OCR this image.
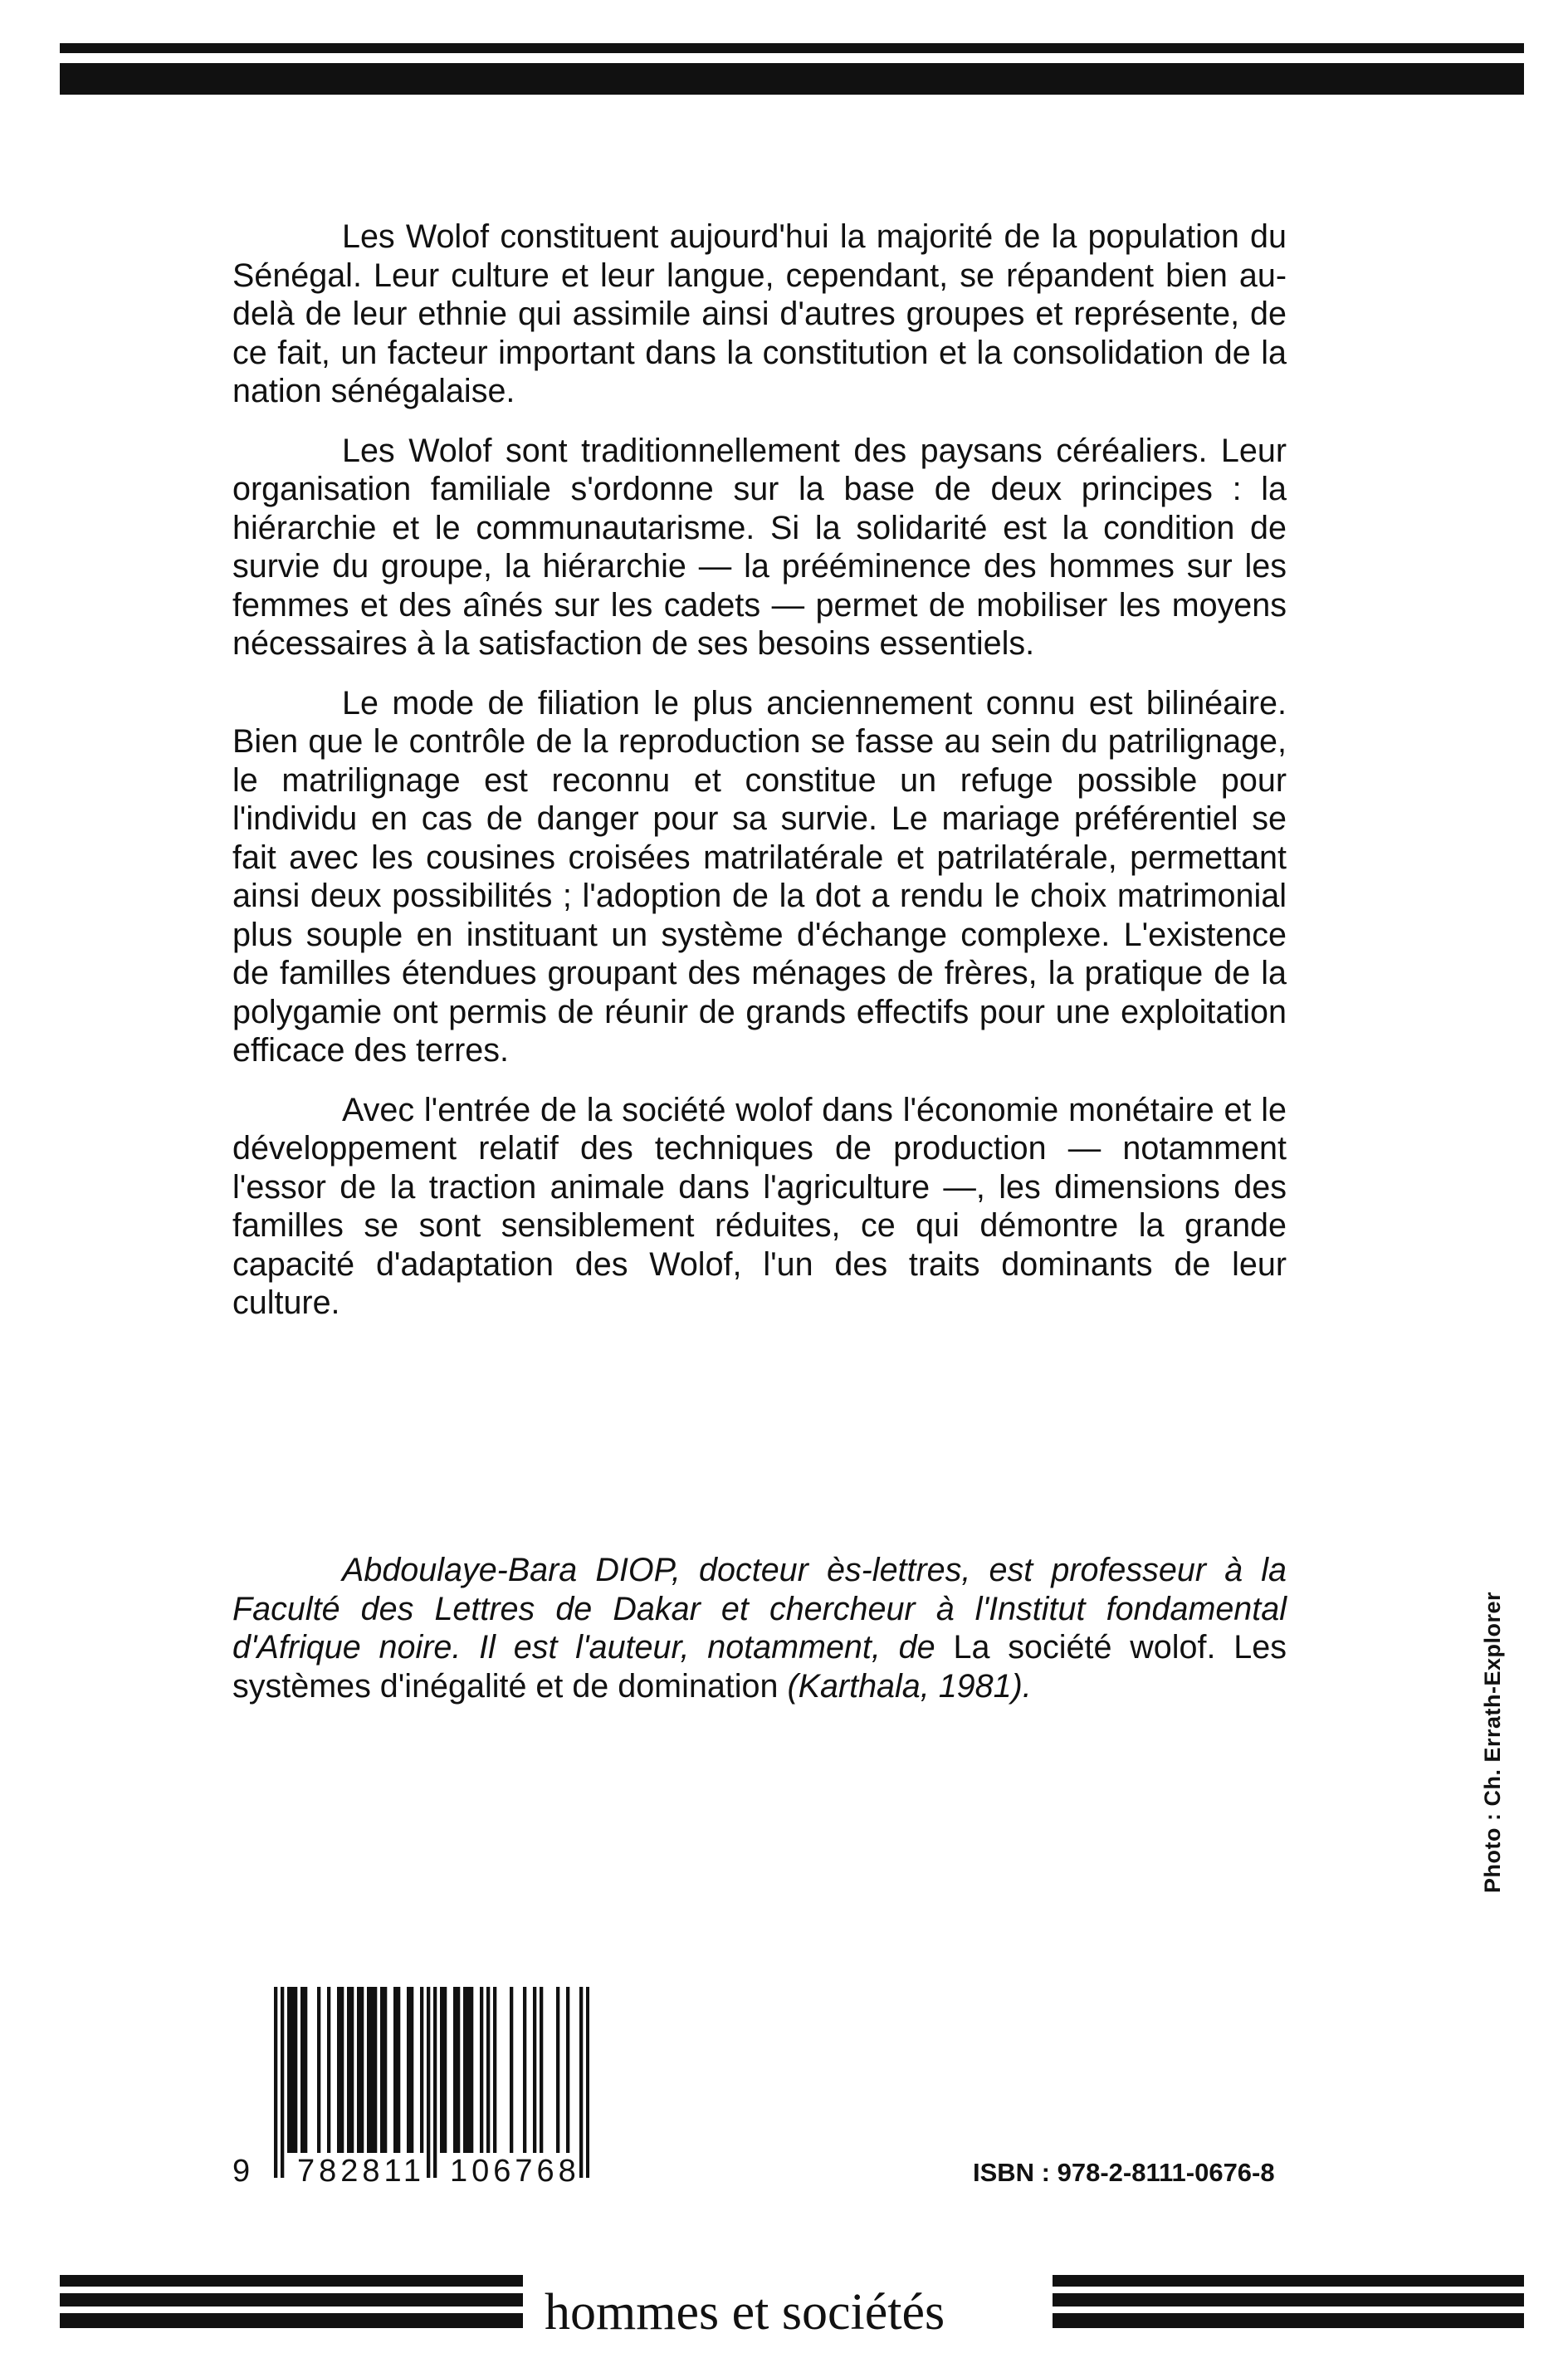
Les Wolof constituent aujourd'hui la majorité de la population du Sénégal. Leur culture et leur langue, cependant, se répandent bien au-delà de leur ethnie qui assimile ainsi d'autres groupes et représente, de ce fait, un facteur important dans la constitution et la consolidation de la nation sénégalaise.

Les Wolof sont traditionnellement des paysans céréaliers. Leur organisation familiale s'ordonne sur la base de deux principes : la hiérarchie et le communautarisme. Si la solidarité est la condition de survie du groupe, la hiérarchie — la prééminence des hommes sur les femmes et des aînés sur les cadets — permet de mobiliser les moyens nécessaires à la satisfaction de ses besoins essentiels.

Le mode de filiation le plus anciennement connu est bilinéaire. Bien que le contrôle de la reproduction se fasse au sein du patrilignage, le matrilignage est reconnu et constitue un refuge possible pour l'individu en cas de danger pour sa survie. Le mariage préférentiel se fait avec les cousines croisées matrilatérale et patrilatérale, permettant ainsi deux possibilités ; l'adoption de la dot a rendu le choix matrimonial plus souple en instituant un système d'échange complexe. L'existence de familles étendues groupant des ménages de frères, la pratique de la polygamie ont permis de réunir de grands effectifs pour une exploitation efficace des terres.

Avec l'entrée de la société wolof dans l'économie monétaire et le développement relatif des techniques de production — notamment l'essor de la traction animale dans l'agriculture —, les dimensions des familles se sont sensiblement réduites, ce qui démontre la grande capacité d'adaptation des Wolof, l'un des traits dominants de leur culture.

Abdoulaye-Bara DIOP, docteur ès-lettres, est professeur à la Faculté des Lettres de Dakar et chercheur à l'Institut fondamental d'Afrique noire. Il est l'auteur, notamment, de La société wolof. Les systèmes d'inégalité et de domination (Karthala, 1981).	Photo : Ch. Errath-Explorer
9 782811 106768	ISBN : 978-2-8111-0676-8
hommes et sociétés
